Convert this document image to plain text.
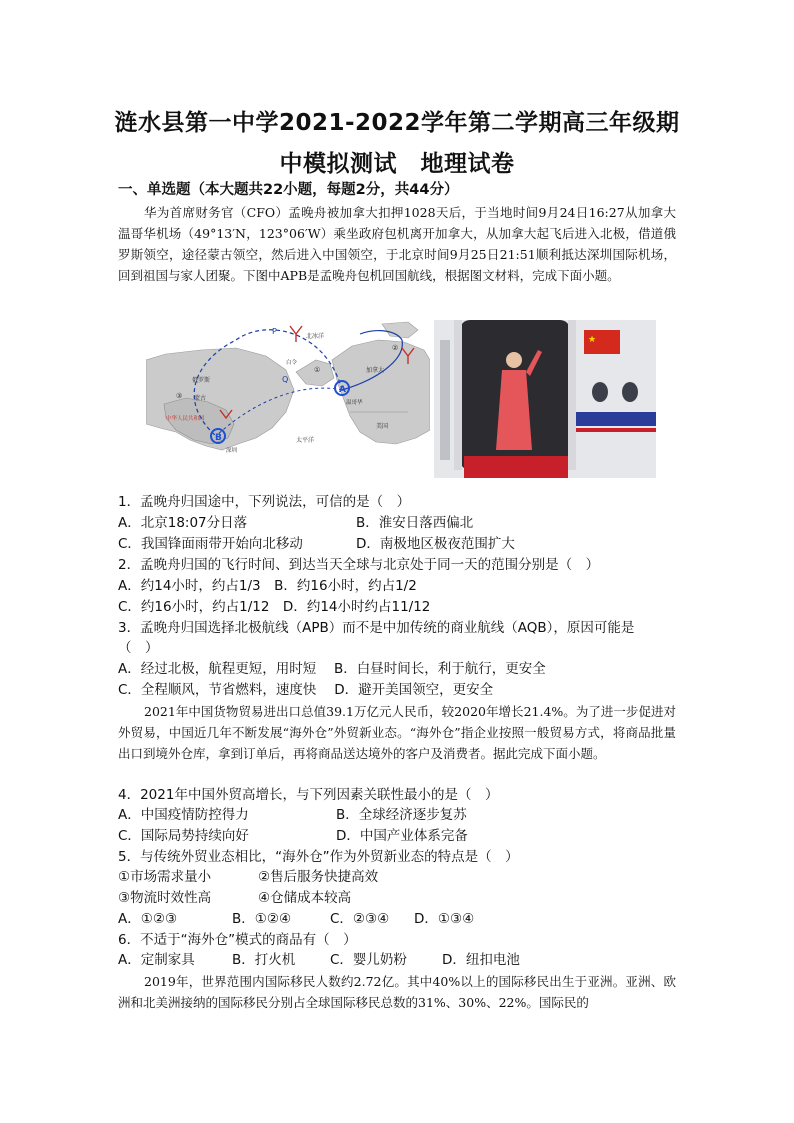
涟水县第一中学2021-2022学年第二学期高三年级期
中模拟测试　地理试卷
一、单选题（本大题共22小题，每题2分，共44分）
华为首席财务官（CFO）孟晚舟被加拿大扣押1028天后，于当地时间9月24日16:27从加拿大温哥华机场（49°13′N，123°06′W）乘坐政府包机离开加拿大，从加拿大起飞后进入北极，借道俄罗斯领空，途径蒙古领空，然后进入中国领空，于北京时间9月25日21:51顺利抵达深圳国际机场，回到祖国与家人团聚。下图中APB是孟晚舟包机回国航线，根据图文材料，完成下面小题。
A
B
P
Q
北冰洋
俄罗斯
蒙古
中华人民共和国
加拿大
美国
太平洋
温哥华
深圳
白令
①
②
③
★
1．孟晚舟归国途中，下列说法，可信的是（　）
A．北京18:07分日落	B．淮安日落西偏北
C．我国锋面雨带开始向北移动	D．南极地区极夜范围扩大
2．孟晚舟归国的飞行时间、到达当天全球与北京处于同一天的范围分别是（　）
A．约14小时，约占1/3　B．约16小时，约占1/2
C．约16小时，约占1/12　D．约14小时约占11/12
3．孟晚舟归国选择北极航线（APB）而不是中加传统的商业航线（AQB），原因可能是
（　）
A．经过北极，航程更短，用时短　 B．白昼时间长，利于航行，更安全
C．全程顺风，节省燃料，速度快　 D．避开美国领空，更安全
2021年中国货物贸易进出口总值39.1万亿元人民币，较2020年增长21.4%。为了进一步促进对外贸易，中国近几年不断发展“海外仓”外贸新业态。“海外仓”指企业按照一般贸易方式，将商品批量出口到境外仓库，拿到订单后，再将商品送达境外的客户及消费者。据此完成下面小题。
4．2021年中国外贸高增长，与下列因素关联性最小的是（　）
A．中国疫情防控得力	B．全球经济逐步复苏
C．国际局势持续向好	D．中国产业体系完备
5．与传统外贸业态相比，“海外仓”作为外贸新业态的特点是（　）
①市场需求量小	②售后服务快捷高效
③物流时效性高	④仓储成本较高
A．①②③	B．①②④	C．②③④ D．①③④
6．不适于“海外仓”模式的商品有（　）
A．定制家具	B．打火机	C．婴儿奶粉	D．纽扣电池
2019年，世界范围内国际移民人数约2.72亿。其中40%以上的国际移民出生于亚洲。亚洲、欧洲和北美洲接纳的国际移民分别占全球国际移民总数的31%、30%、22%。国际民的
